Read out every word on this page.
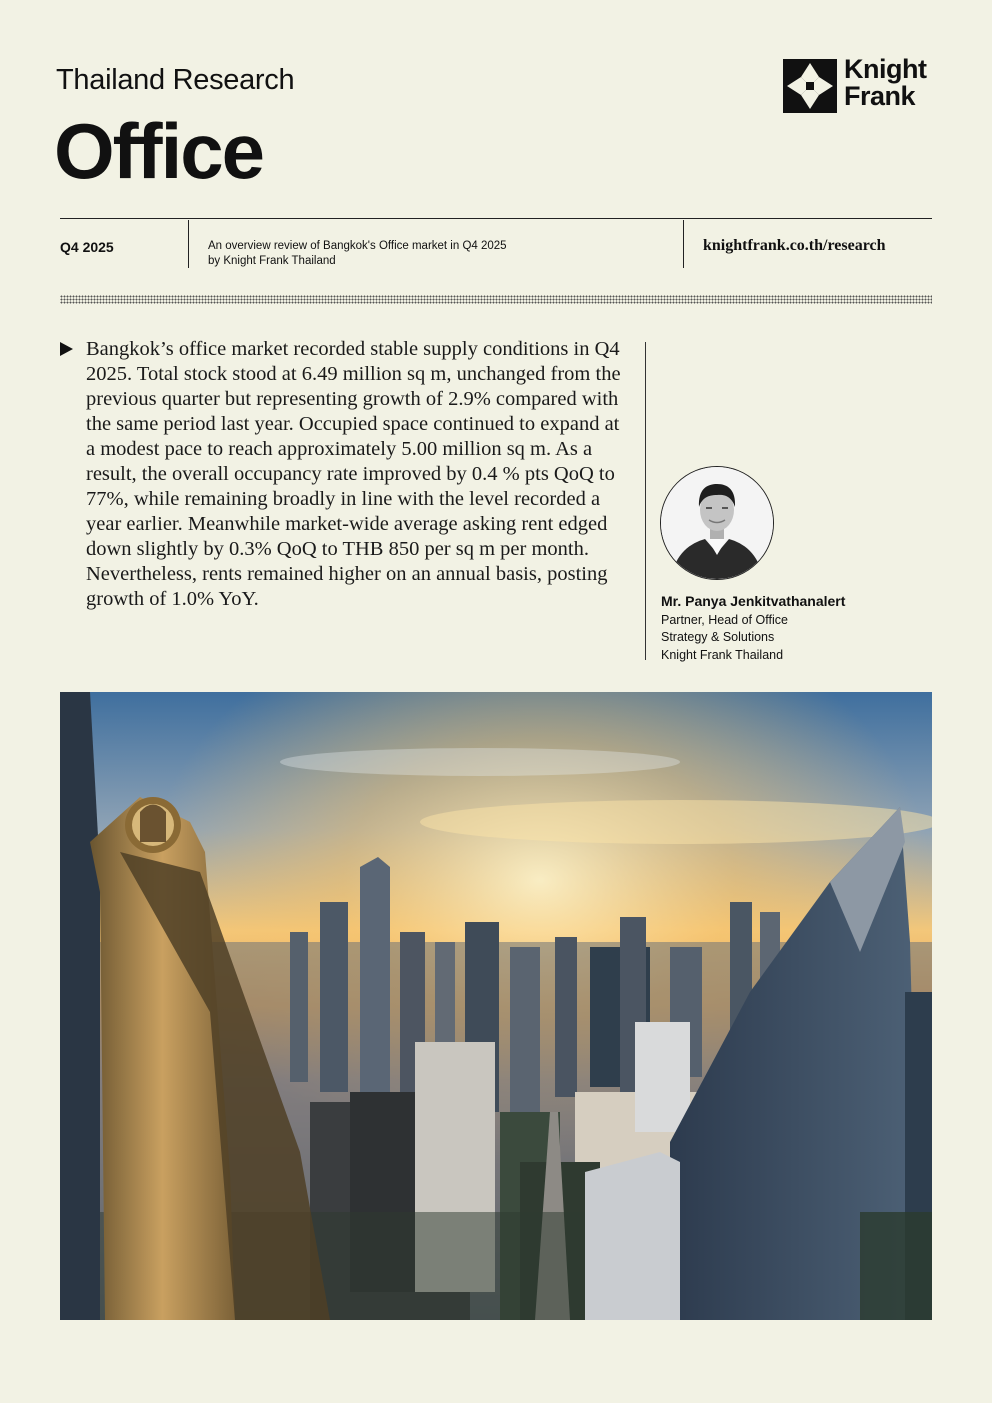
Thailand Research
Office
Knight
Frank
Q4 2025	An overview review of Bangkok's Office market in Q4 2025
by Knight Frank Thailand
knightfrank.co.th/research
Bangkok’s office market recorded stable supply conditions in Q4 2025. Total stock stood at 6.49 million sq m, unchanged from the previous quarter but representing growth of 2.9% compared with the same period last year. Occupied space continued to expand at a modest pace to reach approximately 5.00 million sq m. As a result, the overall occupancy rate improved by 0.4 % pts QoQ to 77%, while remaining broadly in line with the level recorded a year earlier. Meanwhile market-wide average asking rent edged down slightly by 0.3% QoQ to THB 850 per sq m per month. Nevertheless, rents remained higher on an annual basis, posting growth of 1.0% YoY.	Mr. Panya Jenkitvathanalert
Partner, Head of Office
Strategy & Solutions
Knight Frank Thailand
